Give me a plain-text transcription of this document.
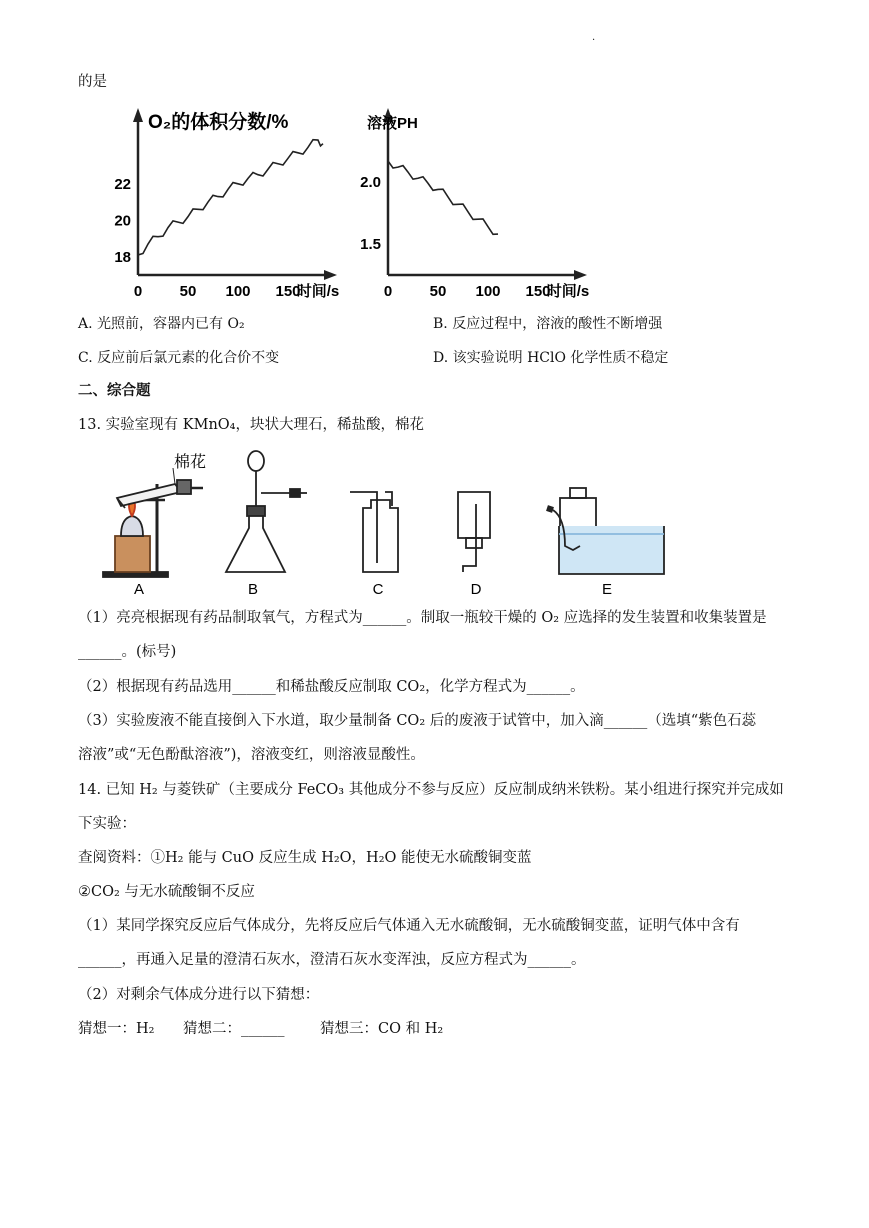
.
的是
O₂的体积分数/%
时间/s
0 50 100 150
18
20
22
溶液PH
时间/s
0 50 100 150
1.5
2.0
A. 光照前，容器内已有 O₂	B. 反应过程中，溶液的酸性不断增强
C. 反应前后氯元素的化合价不变	D. 该实验说明 HClO 化学性质不稳定
二、综合题
13. 实验室现有 KMnO₄，块状大理石，稀盐酸，棉花
棉花
A	B	C	D	E
（1）亮亮根据现有药品制取氧气，方程式为______。制取一瓶较干燥的 O₂ 应选择的发生装置和收集装置是
______。(标号)
（2）根据现有药品选用______和稀盐酸反应制取 CO₂，化学方程式为______。
（3）实验废液不能直接倒入下水道，取少量制备 CO₂ 后的废液于试管中，加入滴______（选填“紫色石蕊
溶液”或“无色酚酞溶液”)，溶液变红，则溶液显酸性。
14. 已知 H₂ 与菱铁矿（主要成分 FeCO₃ 其他成分不参与反应）反应制成纳米铁粉。某小组进行探究并完成如
下实验：
查阅资料：①H₂ 能与 CuO 反应生成 H₂O，H₂O 能使无水硫酸铜变蓝
②CO₂ 与无水硫酸铜不反应
（1）某同学探究反应后气体成分，先将反应后气体通入无水硫酸铜，无水硫酸铜变蓝，证明气体中含有
______，再通入足量的澄清石灰水，澄清石灰水变浑浊，反应方程式为______。
（2）对剩余气体成分进行以下猜想：
猜想一：H₂ 猜想二：______ 猜想三：CO 和 H₂
